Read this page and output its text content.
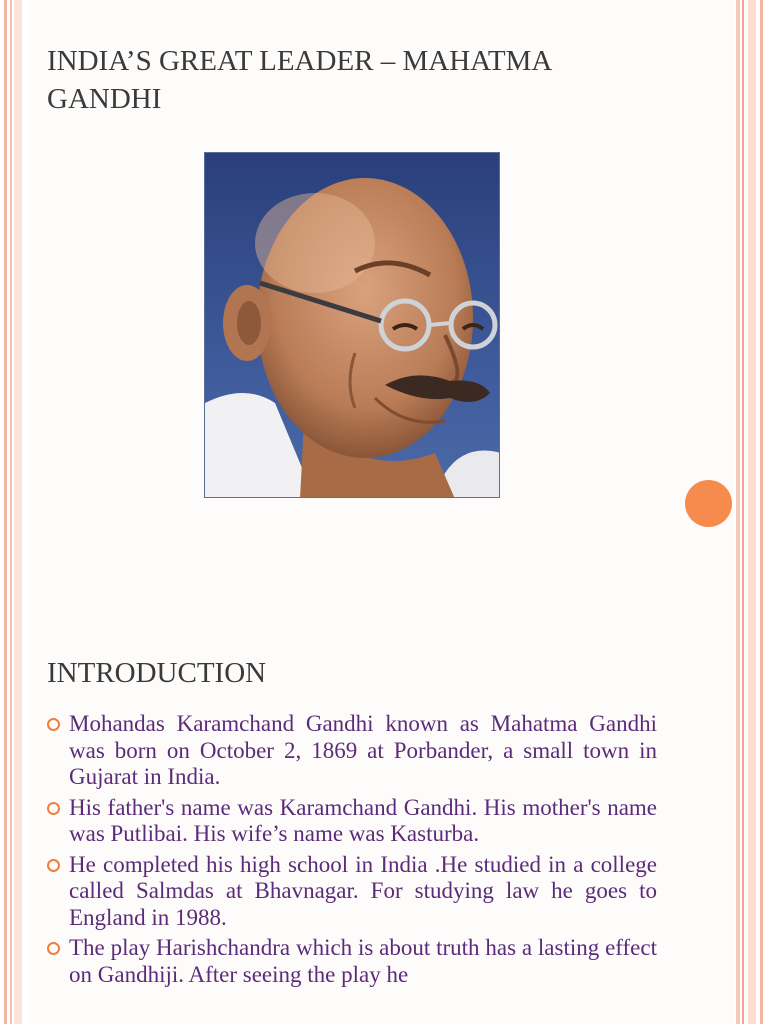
INDIA’S GREAT LEADER – MAHATMA GANDHI
INTRODUCTION
Mohandas Karamchand Gandhi known as Mahatma Gandhi was born on October 2, 1869 at Porbander, a small town in Gujarat in India.
His father's name was Karamchand Gandhi. His mother's name was Putlibai. His wife’s name was Kasturba.
He completed his high school in India .He studied in a college called Salmdas at Bhavnagar. For studying law he goes to England in 1988.
The play Harishchandra which is about truth has a lasting effect on Gandhiji. After seeing the play he
